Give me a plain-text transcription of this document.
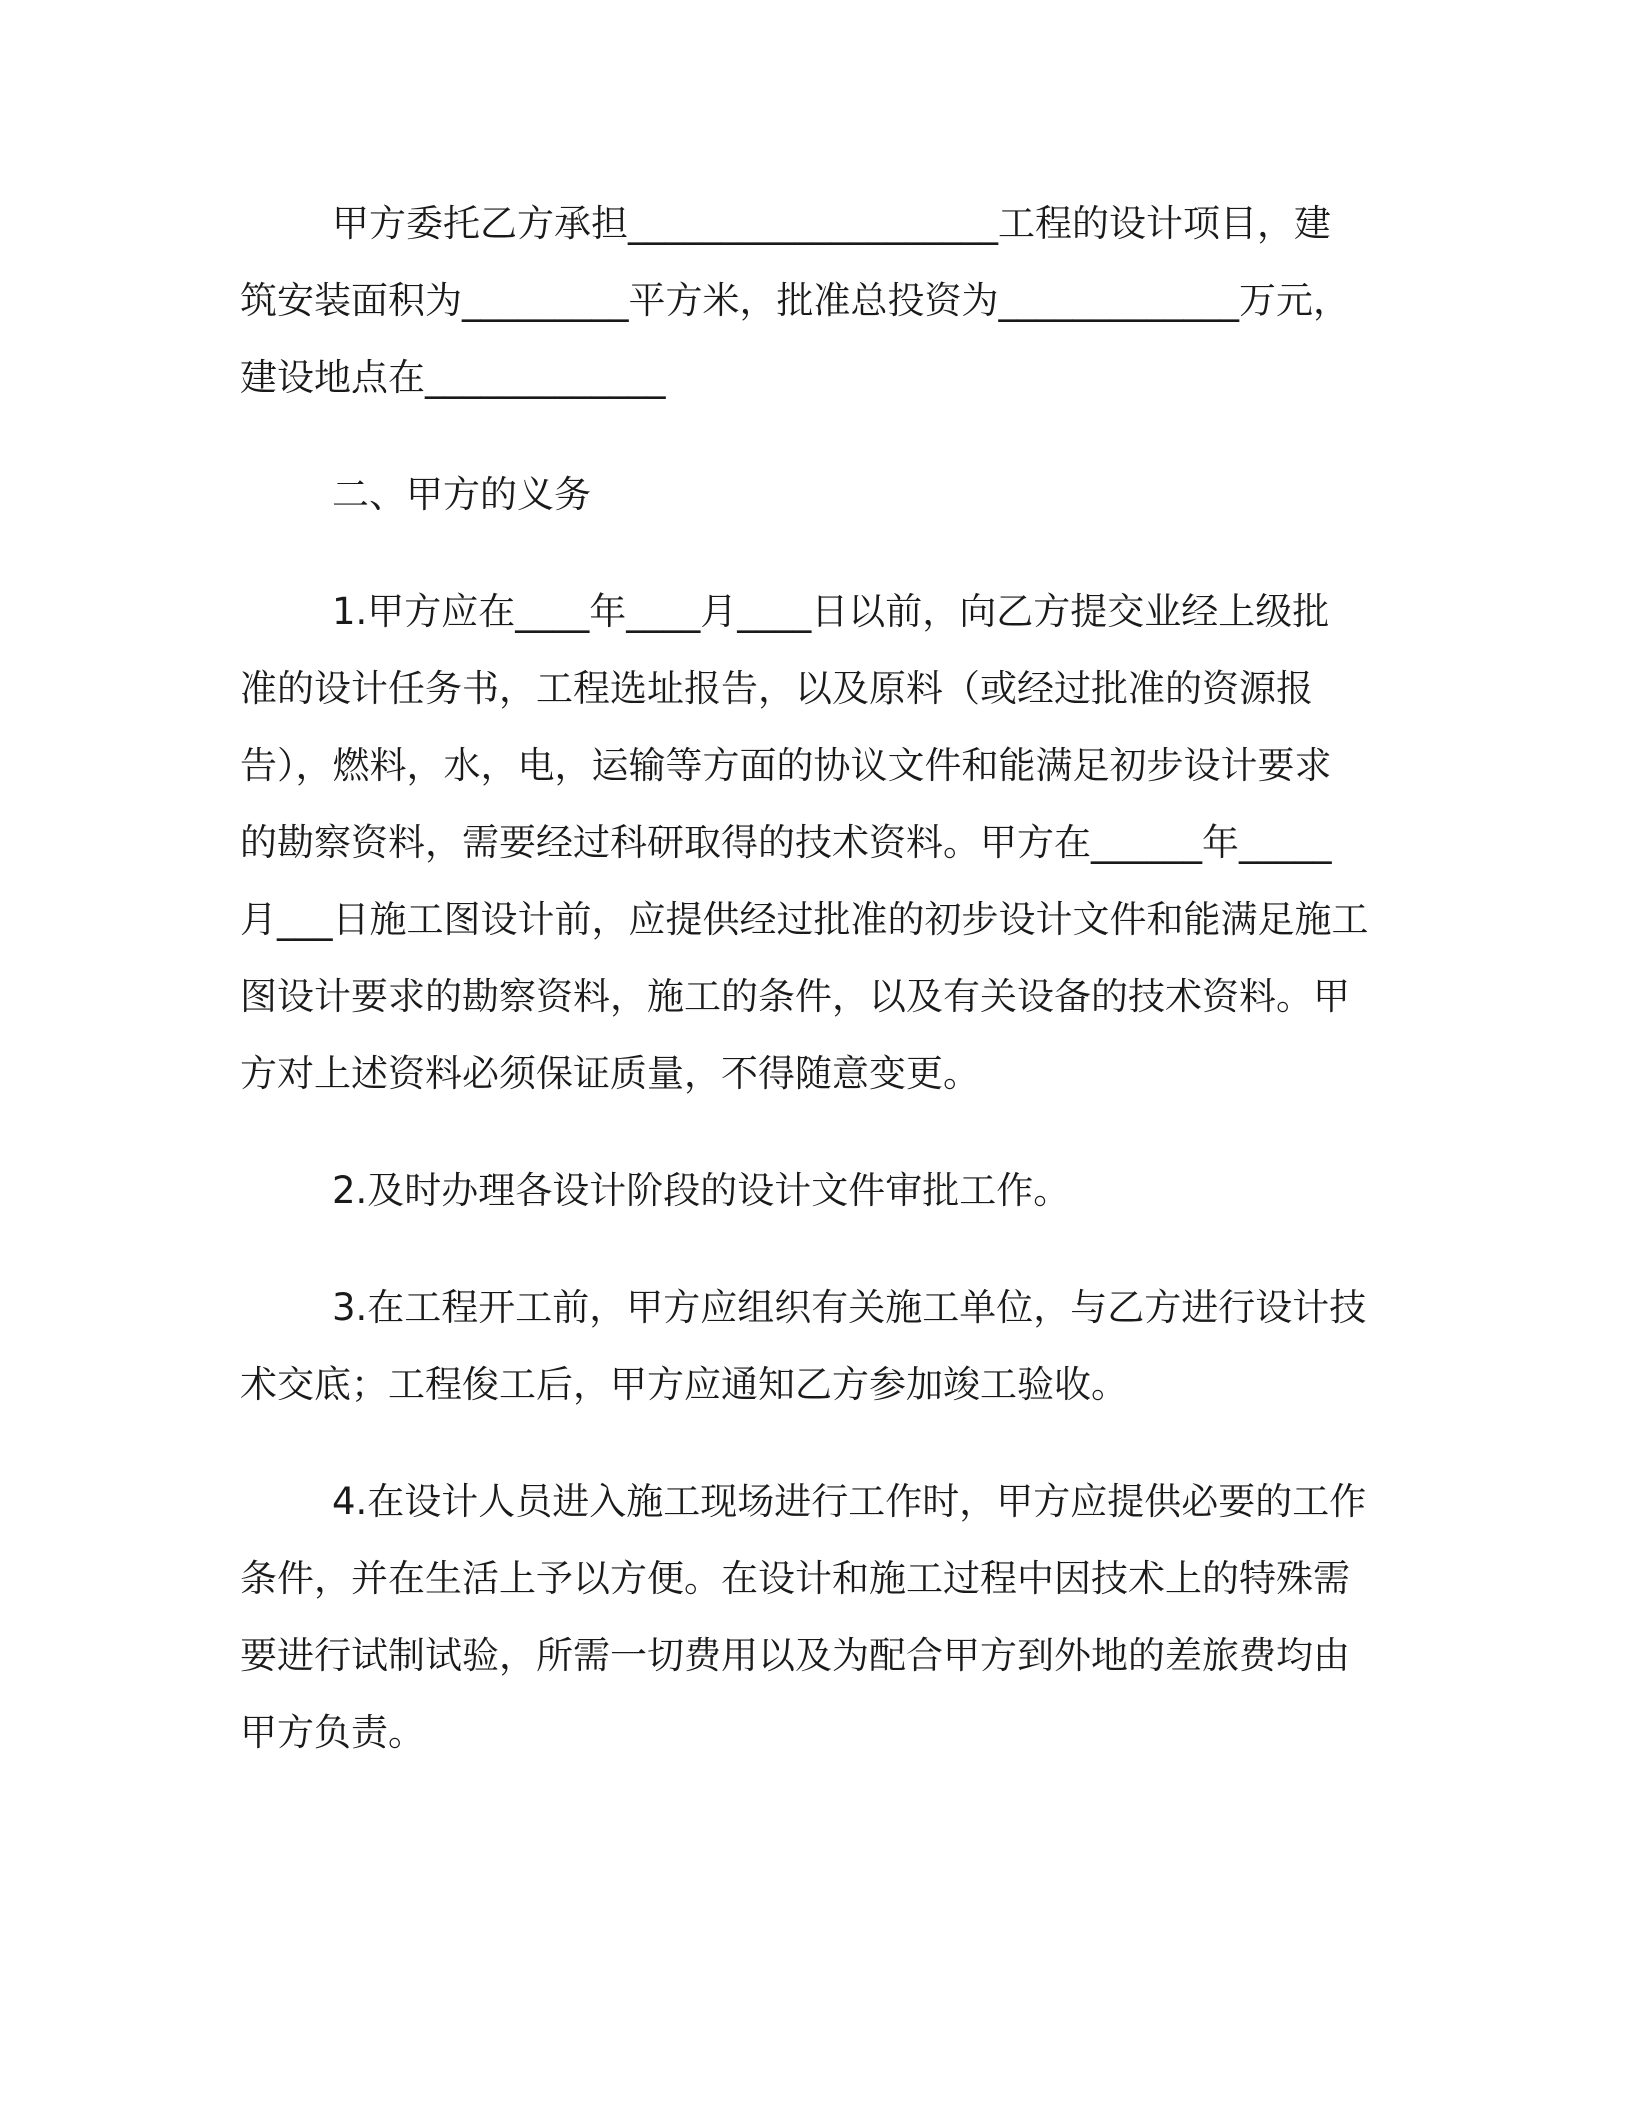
甲方委托乙方承担____________________工程的设计项目，建

筑安装面积为_________平方米，批准总投资为_____________万元，

建设地点在_____________

二、甲方的义务

1.甲方应在____年____月____日以前，向乙方提交业经上级批

准的设计任务书，工程选址报告，以及原料（或经过批准的资源报

告），燃料，水，电，运输等方面的协议文件和能满足初步设计要求

的勘察资料，需要经过科研取得的技术资料。甲方在______年_____

月___日施工图设计前，应提供经过批准的初步设计文件和能满足施工

图设计要求的勘察资料，施工的条件，以及有关设备的技术资料。甲

方对上述资料必须保证质量，不得随意变更。

2.及时办理各设计阶段的设计文件审批工作。

3.在工程开工前，甲方应组织有关施工单位，与乙方进行设计技

术交底；工程俊工后，甲方应通知乙方参加竣工验收。

4.在设计人员进入施工现场进行工作时，甲方应提供必要的工作

条件，并在生活上予以方便。在设计和施工过程中因技术上的特殊需

要进行试制试验，所需一切费用以及为配合甲方到外地的差旅费均由

甲方负责。
